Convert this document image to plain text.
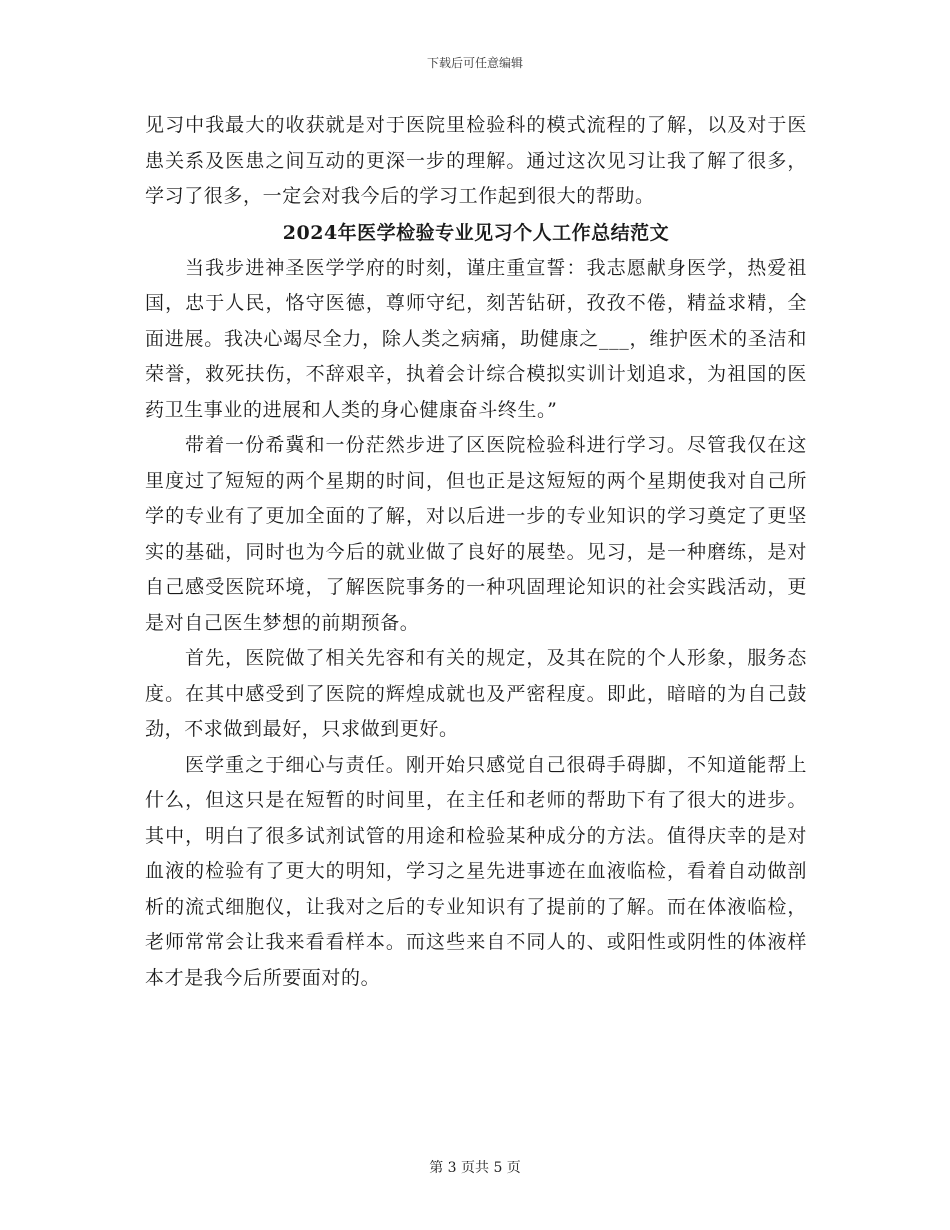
下载后可任意编辑

见习中我最大的收获就是对于医院里检验科的模式流程的了解，以及对于医患关系及医患之间互动的更深一步的理解。通过这次见习让我了解了很多，学习了很多，一定会对我今后的学习工作起到很大的帮助。

2024年医学检验专业见习个人工作总结范文

当我步进神圣医学学府的时刻，谨庄重宣誓：我志愿献身医学，热爱祖国，忠于人民，恪守医德，尊师守纪，刻苦钻研，孜孜不倦，精益求精，全面进展。我决心竭尽全力，除人类之病痛，助健康之___，维护医术的圣洁和荣誉，救死扶伤，不辞艰辛，执着会计综合模拟实训计划追求，为祖国的医药卫生事业的进展和人类的身心健康奋斗终生。”

带着一份希冀和一份茫然步进了区医院检验科进行学习。尽管我仅在这里度过了短短的两个星期的时间，但也正是这短短的两个星期使我对自己所学的专业有了更加全面的了解，对以后进一步的专业知识的学习奠定了更坚实的基础，同时也为今后的就业做了良好的展垫。见习，是一种磨练，是对自己感受医院环境，了解医院事务的一种巩固理论知识的社会实践活动，更是对自己医生梦想的前期预备。

首先，医院做了相关先容和有关的规定，及其在院的个人形象，服务态度。在其中感受到了医院的辉煌成就也及严密程度。即此，暗暗的为自己鼓劲，不求做到最好，只求做到更好。

医学重之于细心与责任。刚开始只感觉自己很碍手碍脚，不知道能帮上什么，但这只是在短暂的时间里，在主任和老师的帮助下有了很大的进步。其中，明白了很多试剂试管的用途和检验某种成分的方法。值得庆幸的是对血液的检验有了更大的明知，学习之星先进事迹在血液临检，看着自动做剖析的流式细胞仪，让我对之后的专业知识有了提前的了解。而在体液临检，老师常常会让我来看看样本。而这些来自不同人的、或阳性或阴性的体液样本才是我今后所要面对的。

第 3 页共 5 页
